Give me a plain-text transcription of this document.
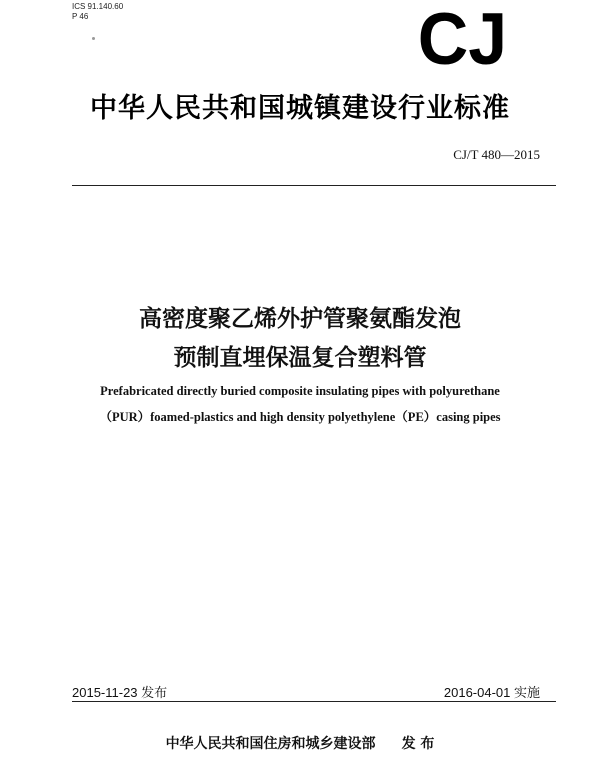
ICS 91.140.60
P 46	CJ
中华人民共和国城镇建设行业标准
CJ/T 480—2015
高密度聚乙烯外护管聚氨酯发泡
预制直埋保温复合塑料管
Prefabricated directly buried composite insulating pipes with polyurethane
（PUR）foamed-plastics and high density polyethylene（PE）casing pipes
2015-11-23 发布	2016-04-01 实施
中华人民共和国住房和城乡建设部 发 布
